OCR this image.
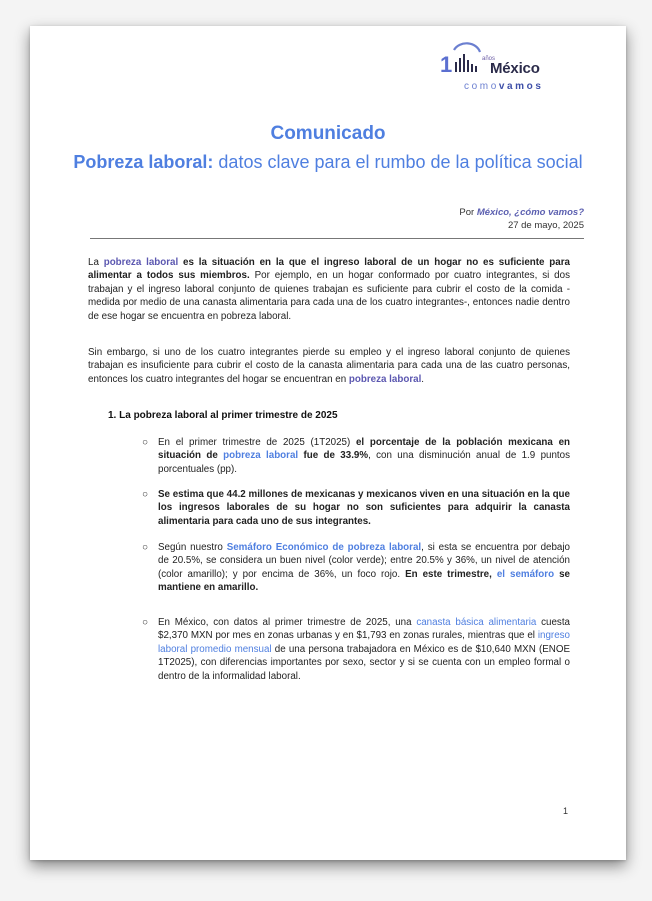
1	años
México
comovamos
Comunicado
Pobreza laboral: datos clave para el rumbo de la política social
Por México, ¿cómo vamos?
27 de mayo, 2025
La pobreza laboral es la situación en la que el ingreso laboral de un hogar no es suficiente para alimentar a todos sus miembros. Por ejemplo, en un hogar conformado por cuatro integrantes, si dos trabajan y el ingreso laboral conjunto de quienes trabajan es suficiente para cubrir el costo de la comida -medida por medio de una canasta alimentaria para cada una de los cuatro integrantes-, entonces nadie dentro de ese hogar se encuentra en pobreza laboral.
Sin embargo, si uno de los cuatro integrantes pierde su empleo y el ingreso laboral conjunto de quienes trabajan es insuficiente para cubrir el costo de la canasta alimentaria para cada una de las cuatro personas, entonces los cuatro integrantes del hogar se encuentran en pobreza laboral.
1. La pobreza laboral al primer trimestre de 2025
○ En el primer trimestre de 2025 (1T2025) el porcentaje de la población mexicana en situación de pobreza laboral fue de 33.9%, con una disminución anual de 1.9 puntos porcentuales (pp).
○ Se estima que 44.2 millones de mexicanas y mexicanos viven en una situación en la que los ingresos laborales de su hogar no son suficientes para adquirir la canasta alimentaria para cada uno de sus integrantes.
○ Según nuestro Semáforo Económico de pobreza laboral, si esta se encuentra por debajo de 20.5%, se considera un buen nivel (color verde); entre 20.5% y 36%, un nivel de atención (color amarillo); y por encima de 36%, un foco rojo. En este trimestre, el semáforo se mantiene en amarillo.
○ En México, con datos al primer trimestre de 2025, una canasta básica alimentaria cuesta $2,370 MXN por mes en zonas urbanas y en $1,793 en zonas rurales, mientras que el ingreso laboral promedio mensual de una persona trabajadora en México es de $10,640 MXN (ENOE 1T2025), con diferencias importantes por sexo, sector y si se cuenta con un empleo formal o dentro de la informalidad laboral.
1
